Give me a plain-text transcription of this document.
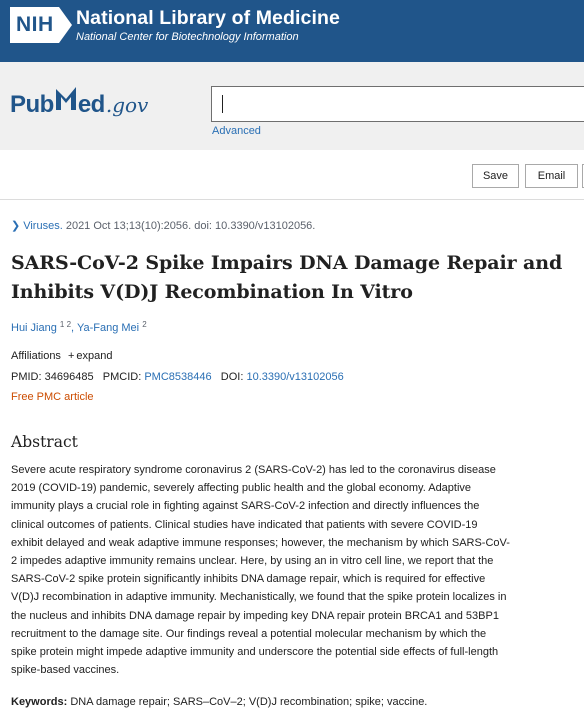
NIH National Library of Medicine
National Center for Biotechnology Information
Pub ed .gov
Advanced
Save	Email
❯ Viruses. 2021 Oct 13;13(10):2056. doi: 10.3390/v13102056.
SARS-CoV-2 Spike Impairs DNA Damage Repair and
Inhibits V(D)J Recombination In Vitro
Hui Jiang $^{1 2}$, Ya-Fang Mei $^2$
Affiliations + expand
PMID: 34696485 PMCID: PMC8538446 DOI: 10.3390/v13102056
Free PMC article
Abstract
Severe acute respiratory syndrome coronavirus 2 (SARS-CoV-2) has led to the coronavirus disease
2019 (COVID-19) pandemic, severely affecting public health and the global economy. Adaptive
immunity plays a crucial role in fighting against SARS-CoV-2 infection and directly influences the
clinical outcomes of patients. Clinical studies have indicated that patients with severe COVID-19
exhibit delayed and weak adaptive immune responses; however, the mechanism by which SARS-CoV-
2 impedes adaptive immunity remains unclear. Here, by using an in vitro cell line, we report that the
SARS-CoV-2 spike protein significantly inhibits DNA damage repair, which is required for effective
V(D)J recombination in adaptive immunity. Mechanistically, we found that the spike protein localizes in
the nucleus and inhibits DNA damage repair by impeding key DNA repair protein BRCA1 and 53BP1
recruitment to the damage site. Our findings reveal a potential molecular mechanism by which the
spike protein might impede adaptive immunity and underscore the potential side effects of full-length
spike-based vaccines.
Keywords: DNA damage repair; SARS–CoV–2; V(D)J recombination; spike; vaccine.
